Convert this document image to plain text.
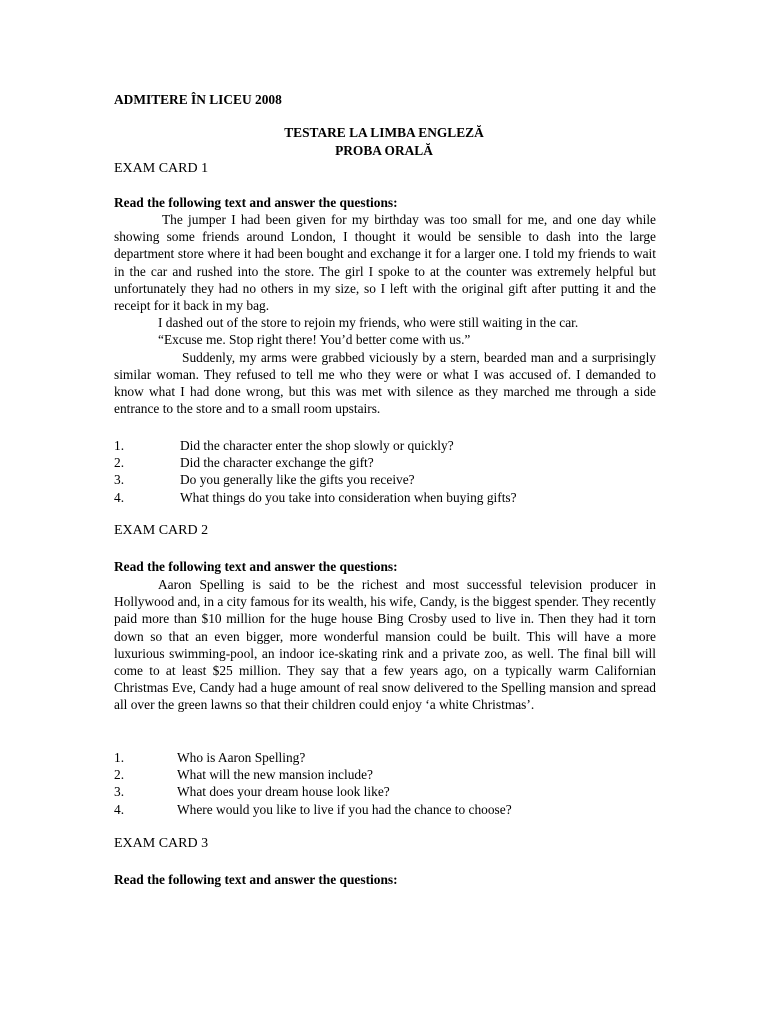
ADMITERE ÎN LICEU 2008

TESTARE LA LIMBA ENGLEZĂ

PROBA ORALĂ

EXAM CARD 1

Read the following text and answer the questions:

The jumper I had been given for my birthday was too small for me, and one day while showing some friends around London, I thought it would be sensible to dash into the large department store where it had been bought and exchange it for a larger one. I told my friends to wait in the car and rushed into the store. The girl I spoke to at the counter was extremely helpful but unfortunately they had no others in my size, so I left with the original gift after putting it and the receipt for it back in my bag.

I dashed out of the store to rejoin my friends, who were still waiting in the car.

“Excuse me. Stop right there! You’d better come with us.”

Suddenly, my arms were grabbed viciously by a stern, bearded man and a surprisingly similar woman. They refused to tell me who they were or what I was accused of. I demanded to know what I had done wrong, but this was met with silence as they marched me through a side entrance to the store and to a small room upstairs.

1.	Did the character enter the shop slowly or quickly?
2.	Did the character exchange the gift?
3.	Do you generally like the gifts you receive?
4.	What things do you take into consideration when buying gifts?

EXAM CARD 2

Read the following text and answer the questions:

Aaron Spelling is said to be the richest and most successful television producer in Hollywood and, in a city famous for its wealth, his wife, Candy, is the biggest spender. They recently paid more than $10 million for the huge house Bing Crosby used to live in. Then they had it torn down so that an even bigger, more wonderful mansion could be built. This will have a more luxurious swimming-pool, an indoor ice-skating rink and a private zoo, as well. The final bill will come to at least $25 million. They say that a few years ago, on a typically warm Californian Christmas Eve, Candy had a huge amount of real snow delivered to the Spelling mansion and spread all over the green lawns so that their children could enjoy ‘a white Christmas’.

1.	Who is Aaron Spelling?
2.	What will the new mansion include?
3.	What does your dream house look like?
4.	Where would you like to live if you had the chance to choose?

EXAM CARD 3

Read the following text and answer the questions:
